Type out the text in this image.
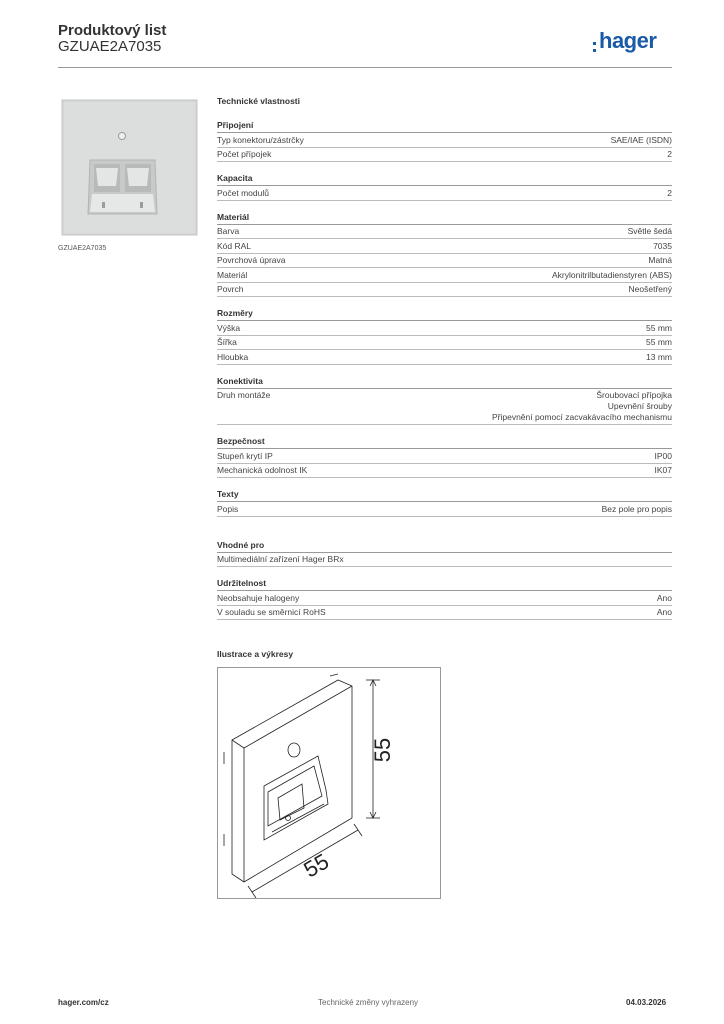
Produktový list
GZUAE2A7035	hager
GZUAE2A7035
Technické vlastnosti
Připojení
Typ konektoru/zástrčky	SAE/IAE (ISDN)
Počet přípojek	2
Kapacita
Počet modulů	2
Materiál
Barva	Světle šedá
Kód RAL	7035
Povrchová úprava	Matná
Materiál	Akrylonitrilbutadienstyren (ABS)
Povrch	Neošetřený
Rozměry
Výška	55 mm
Šířka	55 mm
Hloubka	13 mm
Konektivita
Druh montáže	Šroubovací přípojka
Upevnění šrouby
Připevnění pomocí zacvakávacího mechanismu
Bezpečnost
Stupeň krytí IP	IP00
Mechanická odolnost IK	IK07
Texty
Popis	Bez pole pro popis
Vhodné pro
Multimediální zařízení Hager BRx
Udržitelnost
Neobsahuje halogeny	Ano
V souladu se směrnicí RoHS	Ano
Ilustrace a výkresy
55
55
hager.com/cz	Technické změny vyhrazeny	04.03.2026
